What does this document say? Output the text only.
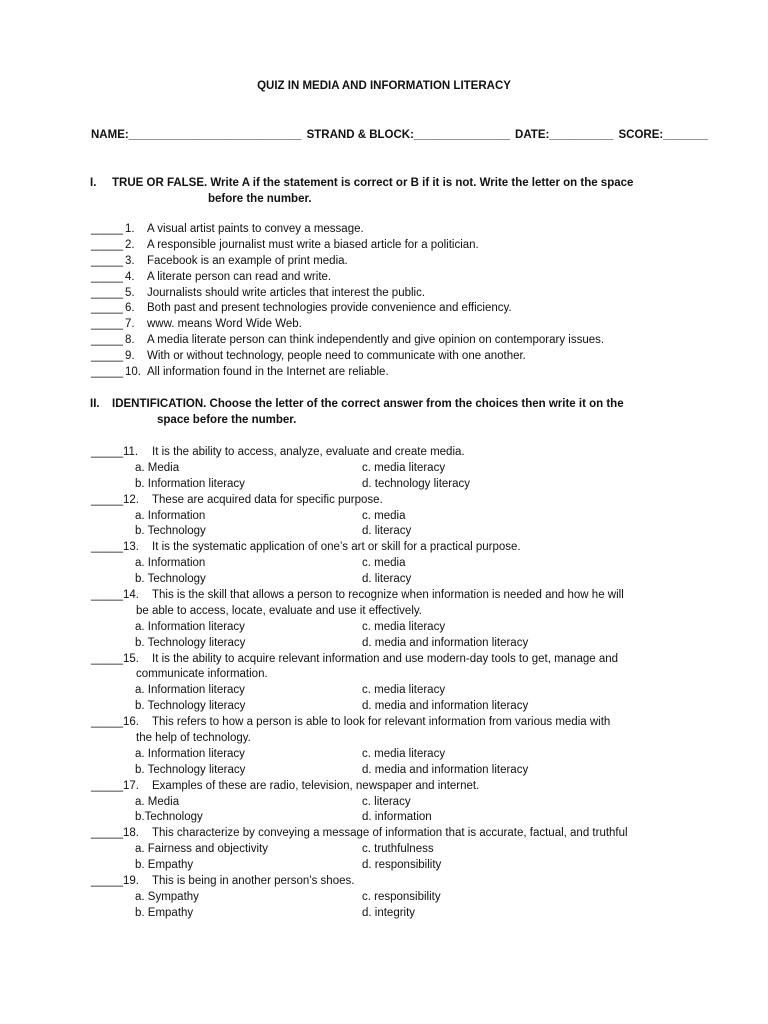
QUIZ IN MEDIA AND INFORMATION LITERACY
NAME:___________________________ STRAND & BLOCK:_______________ DATE:__________ SCORE:_______
I. TRUE OR FALSE. Write A if the statement is correct or B if it is not. Write the letter on the space
before the number.
_____ 1. A visual artist paints to convey a message.
_____ 2. A responsible journalist must write a biased article for a politician.
_____ 3. Facebook is an example of print media.
_____ 4. A literate person can read and write.
_____ 5. Journalists should write articles that interest the public.
_____ 6. Both past and present technologies provide convenience and efficiency.
_____ 7. www. means Word Wide Web.
_____ 8. A media literate person can think independently and give opinion on contemporary issues.
_____ 9. With or without technology, people need to communicate with one another.
_____ 10. All information found in the Internet are reliable.
II. IDENTIFICATION. Choose the letter of the correct answer from the choices then write it on the
space before the number.
_____11. It is the ability to access, analyze, evaluate and create media.
a. Media	c. media literacy
b. Information literacy	d. technology literacy
_____12. These are acquired data for specific purpose.
a. Information	c. media
b. Technology	d. literacy
_____13. It is the systematic application of one’s art or skill for a practical purpose.
a. Information	c. media
b. Technology	d. literacy
_____14. This is the skill that allows a person to recognize when information is needed and how he will
be able to access, locate, evaluate and use it effectively.
a. Information literacy	c. media literacy
b. Technology literacy	d. media and information literacy
_____15. It is the ability to acquire relevant information and use modern-day tools to get, manage and
communicate information.
a. Information literacy	c. media literacy
b. Technology literacy	d. media and information literacy
_____16. This refers to how a person is able to look for relevant information from various media with
the help of technology.
a. Information literacy	c. media literacy
b. Technology literacy	d. media and information literacy
_____17. Examples of these are radio, television, newspaper and internet.
a. Media	c. literacy
b.Technology	d. information
_____18. This characterize by conveying a message of information that is accurate, factual, and truthful
a. Fairness and objectivity	c. truthfulness
b. Empathy	d. responsibility
_____19. This is being in another person’s shoes.
a. Sympathy	c. responsibility
b. Empathy	d. integrity
